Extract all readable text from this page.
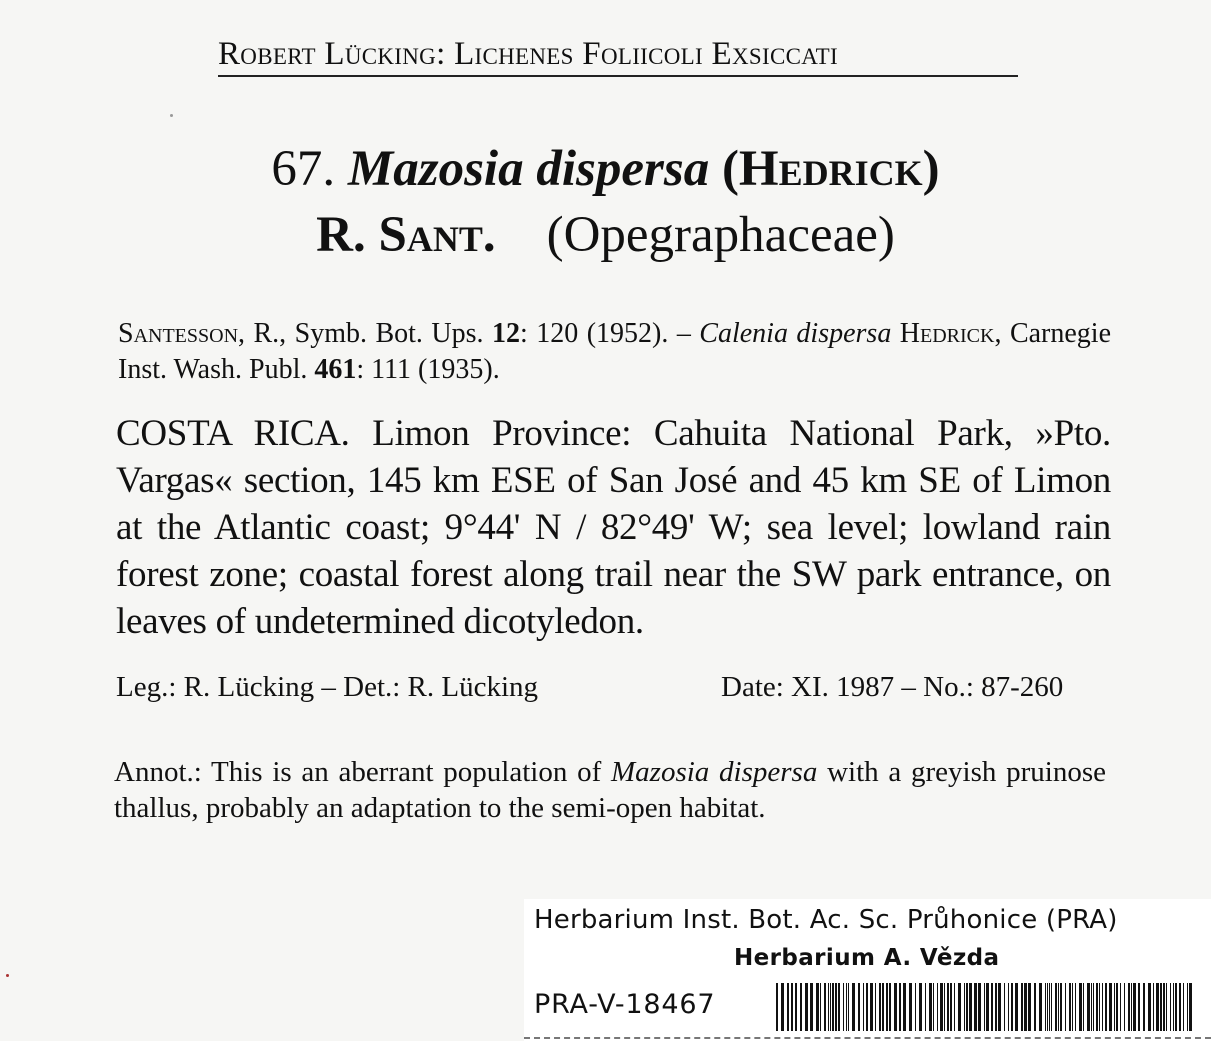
Robert Lücking: Lichenes Foliicoli Exsiccati
67. Mazosia dispersa (Hedrick)
R. Sant. (Opegraphaceae)
Santesson, R., Symb. Bot. Ups. 12: 120 (1952). – Calenia dispersa Hedrick, Carnegie Inst. Wash. Publ. 461: 111 (1935).
COSTA RICA. Limon Province: Cahuita National Park, »Pto. Vargas« section, 145 km ESE of San José and 45 km SE of Limon at the Atlantic coast; 9°44' N / 82°49' W; sea level; lowland rain forest zone; coastal forest along trail near the SW park entrance, on leaves of undetermined dicotyledon.
Leg.: R. Lücking – Det.: R. Lücking	Date: XI. 1987 – No.: 87-260
Annot.: This is an aberrant population of Mazosia dispersa with a greyish pruinose thallus, probably an adaptation to the semi-open habitat.
Herbarium Inst. Bot. Ac. Sc. Průhonice (PRA)
Herbarium A. Vězda
PRA-V-18467
